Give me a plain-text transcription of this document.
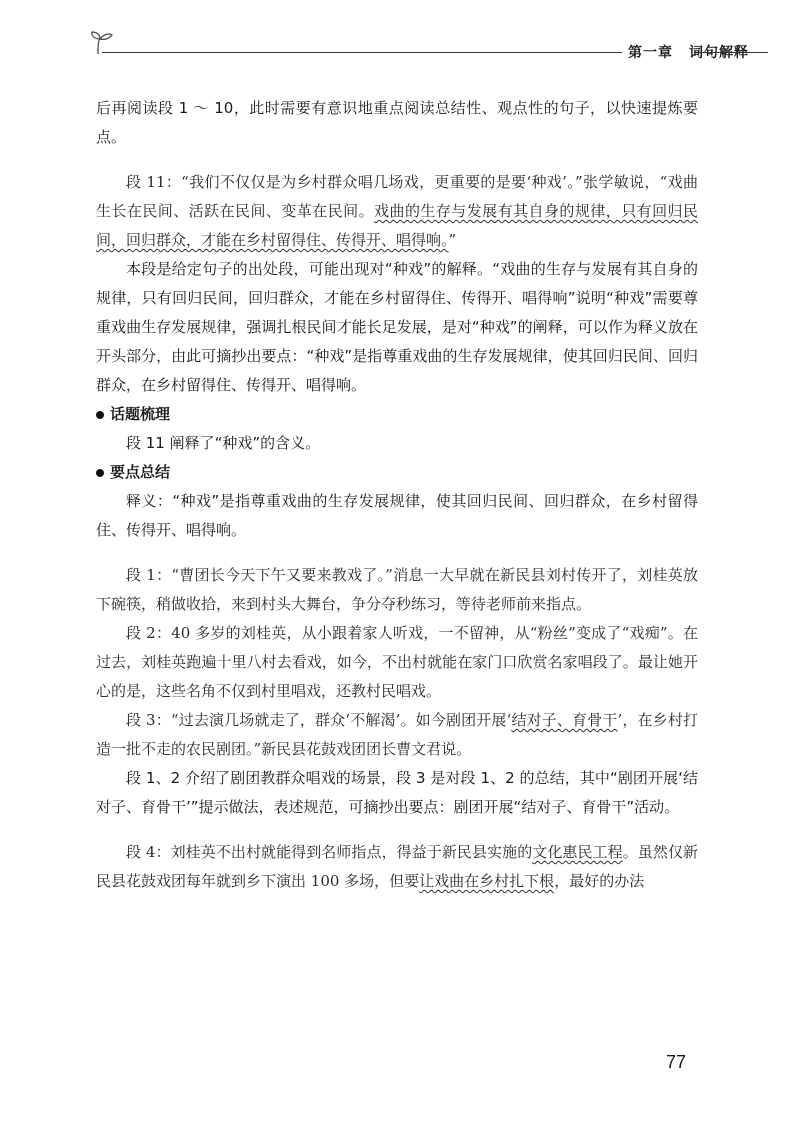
第一章 词句解释

后再阅读段 1 ～ 10，此时需要有意识地重点阅读总结性、观点性的句子，以快速提炼要点。

段 11：“我们不仅仅是为乡村群众唱几场戏，更重要的是要‘种戏’。”张学敏说，“戏曲生长在民间、活跃在民间、变革在民间。戏曲的生存与发展有其自身的规律，只有回归民间，回归群众，才能在乡村留得住、传得开、唱得响。”

本段是给定句子的出处段，可能出现对“种戏”的解释。“戏曲的生存与发展有其自身的规律，只有回归民间，回归群众，才能在乡村留得住、传得开、唱得响”说明“种戏”需要尊重戏曲生存发展规律，强调扎根民间才能长足发展，是对“种戏”的阐释，可以作为释义放在开头部分，由此可摘抄出要点：“种戏”是指尊重戏曲的生存发展规律，使其回归民间、回归群众，在乡村留得住、传得开、唱得响。

话题梳理

段 11 阐释了“种戏”的含义。

要点总结

释义：“种戏”是指尊重戏曲的生存发展规律，使其回归民间、回归群众，在乡村留得住、传得开、唱得响。

段 1：“曹团长今天下午又要来教戏了。”消息一大早就在新民县刘村传开了，刘桂英放下碗筷，稍做收拾，来到村头大舞台，争分夺秒练习，等待老师前来指点。

段 2：40 多岁的刘桂英，从小跟着家人听戏，一不留神，从“粉丝”变成了“戏痴”。在过去，刘桂英跑遍十里八村去看戏，如今，不出村就能在家门口欣赏名家唱段了。最让她开心的是，这些名角不仅到村里唱戏，还教村民唱戏。

段 3：“过去演几场就走了，群众‘不解渴’。如今剧团开展‘结对子、育骨干’，在乡村打造一批不走的农民剧团。”新民县花鼓戏团团长曹文君说。

段 1、2 介绍了剧团教群众唱戏的场景，段 3 是对段 1、2 的总结，其中“剧团开展‘结对子、育骨干’”提示做法，表述规范，可摘抄出要点：剧团开展“结对子、育骨干”活动。

段 4：刘桂英不出村就能得到名师指点，得益于新民县实施的文化惠民工程。虽然仅新民县花鼓戏团每年就到乡下演出 100 多场，但要让戏曲在乡村扎下根，最好的办法

77
